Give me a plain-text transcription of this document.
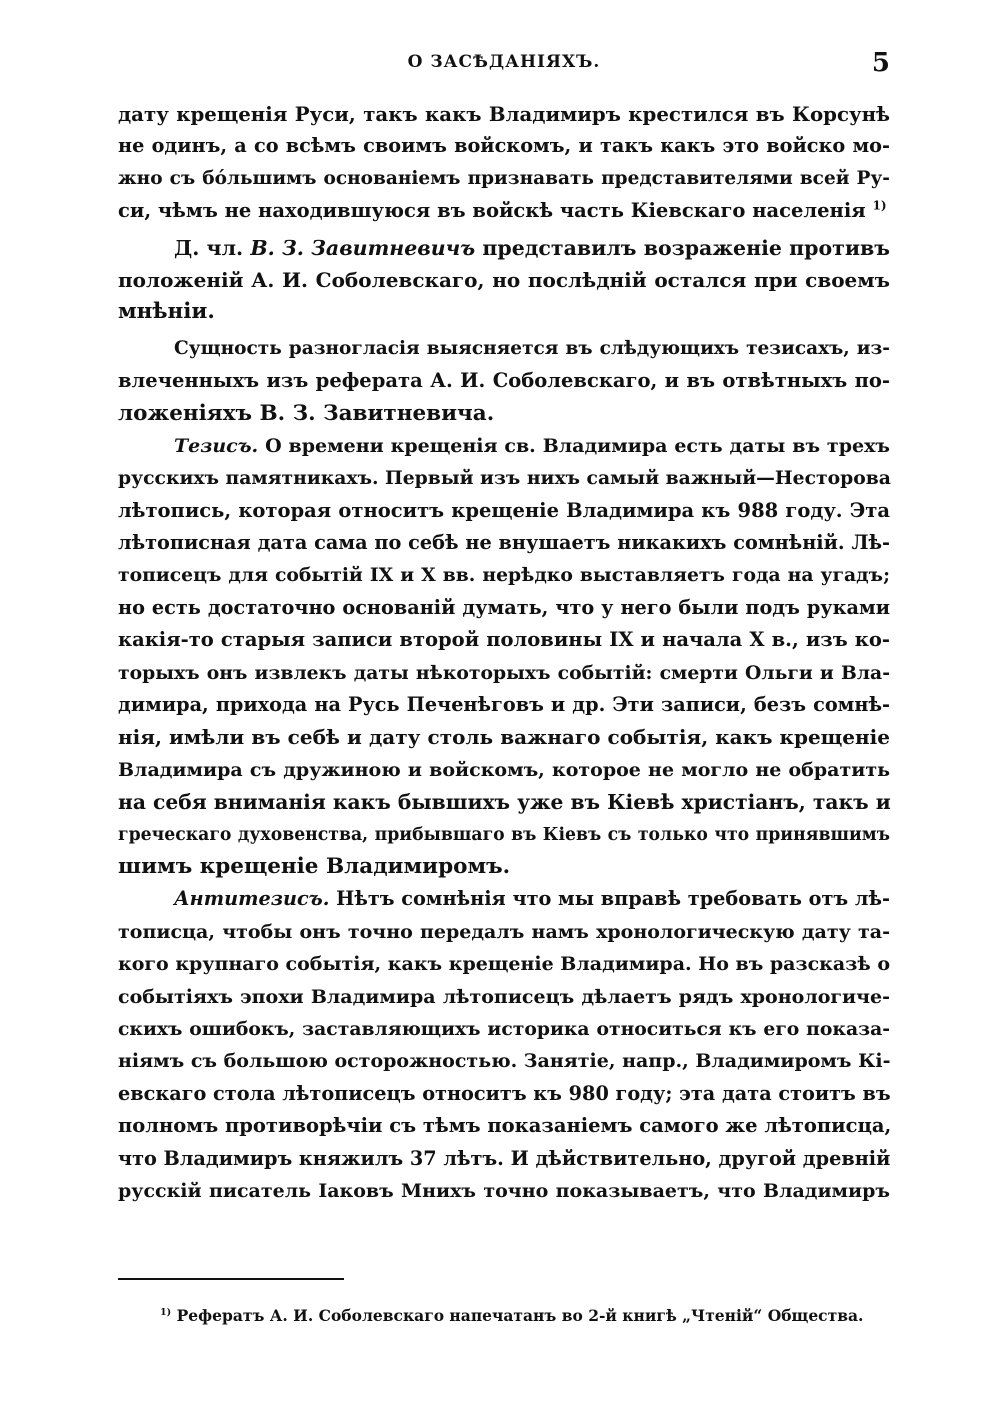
О ЗАСѢДАНІЯХЪ.	5
дату крещенія Руси, такъ какъ Владимиръ крестился въ Корсунѣ
не одинъ, а со всѣмъ своимъ войскомъ, и такъ какъ это войско мо-
жно съ бо́льшимъ основаніемъ признавать представителями всей Ру-
си, чѣмъ не находившуюся въ войскѣ часть Кіевскаго населенія $^{1)}$
Д. чл. В. З. Завитневичъ представилъ возраженіе противъ
положеній А. И. Соболевскаго, но послѣдній остался при своемъ
мнѣніи.
Сущность разногласія выясняется въ слѣдующихъ тезисахъ, из-
влеченныхъ изъ реферата А. И. Соболевскаго, и въ отвѣтныхъ по-
ложеніяхъ В. З. Завитневича.
Тезисъ. О времени крещенія св. Владимира есть даты въ трехъ
русскихъ памятникахъ. Первый изъ нихъ самый важный—Несторова
лѣтопись, которая относитъ крещеніе Владимира къ 988 году. Эта
лѣтописная дата сама по себѣ не внушаетъ никакихъ сомнѣній. Лѣ-
тописецъ для событій IX и X вв. нерѣдко выставляетъ года на угадъ;
но есть достаточно основаній думать, что у него были подъ руками
какія-то старыя записи второй половины IX и начала X в., изъ ко-
торыхъ онъ извлекъ даты нѣкоторыхъ событій: смерти Ольги и Вла-
димира, прихода на Русь Печенѣговъ и др. Эти записи, безъ сомнѣ-
нія, имѣли въ себѣ и дату столь важнаго событія, какъ крещеніе
Владимира съ дружиною и войскомъ, которое не могло не обратить
на себя вниманія какъ бывшихъ уже въ Кіевѣ христіанъ, такъ и
греческаго духовенства, прибывшаго въ Кіевъ съ только что принявшимъ
шимъ крещеніе Владимиромъ.
Антитезисъ. Нѣтъ сомнѣнія что мы вправѣ требовать отъ лѣ-
тописца, чтобы онъ точно передалъ намъ хронологическую дату та-
кого крупнаго событія, какъ крещеніе Владимира. Но въ разсказѣ о
событіяхъ эпохи Владимира лѣтописецъ дѣлаетъ рядъ хронологиче-
скихъ ошибокъ, заставляющихъ историка относиться къ его показа-
ніямъ съ большою осторожностью. Занятіе, напр., Владимиромъ Кі-
евскаго стола лѣтописецъ относитъ къ 980 году; эта дата стоитъ въ
полномъ противорѣчіи съ тѣмъ показаніемъ самого же лѣтописца,
что Владимиръ княжилъ 37 лѣтъ. И дѣйствительно, другой древній
русскій писатель Іаковъ Мнихъ точно показываетъ, что Владимиръ
$^{1)}$ Рефератъ А. И. Соболевскаго напечатанъ во 2-й книгѣ „Чтеній“ Общества.
